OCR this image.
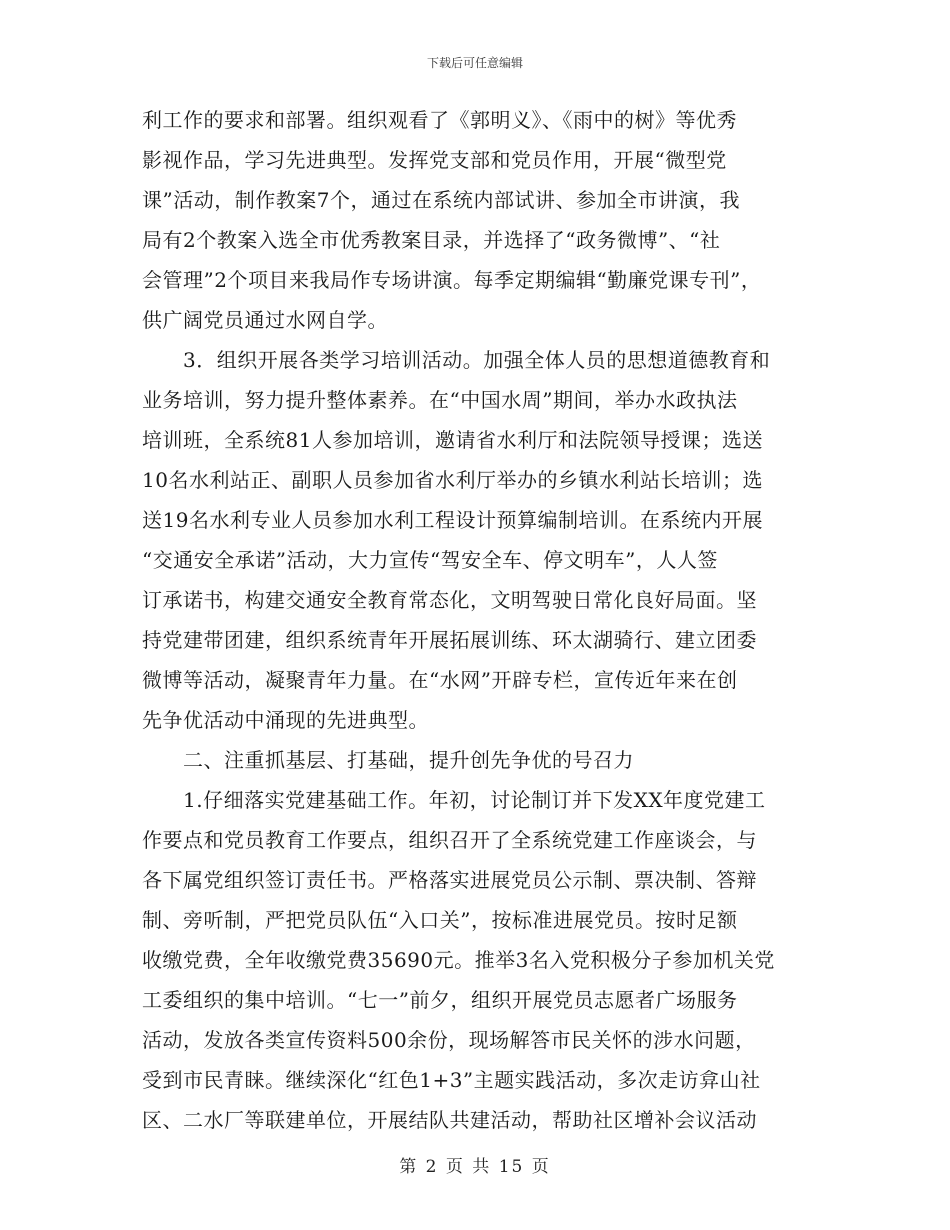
下载后可任意编辑
利工作的要求和部署。组织观看了《郭明义》、《雨中的树》等优秀
影视作品，学习先进典型。发挥党支部和党员作用，开展“微型党
课”活动，制作教案7个，通过在系统内部试讲、参加全市讲演，我
局有2个教案入选全市优秀教案目录，并选择了“政务微博”、“社
会管理”2个项目来我局作专场讲演。每季定期编辑“勤廉党课专刊”，
供广阔党员通过水网自学。
　　3．组织开展各类学习培训活动。加强全体人员的思想道德教育和
业务培训，努力提升整体素养。在“中国水周”期间，举办水政执法
培训班，全系统81人参加培训，邀请省水利厅和法院领导授课；选送
10名水利站正、副职人员参加省水利厅举办的乡镇水利站长培训；选
送19名水利专业人员参加水利工程设计预算编制培训。在系统内开展
“交通安全承诺”活动，大力宣传“驾安全车、停文明车”，人人签
订承诺书，构建交通安全教育常态化，文明驾驶日常化良好局面。坚
持党建带团建，组织系统青年开展拓展训练、环太湖骑行、建立团委
微博等活动，凝聚青年力量。在“水网”开辟专栏，宣传近年来在创
先争优活动中涌现的先进典型。
　　二、注重抓基层、打基础，提升创先争优的号召力
　　1.仔细落实党建基础工作。年初，讨论制订并下发XX年度党建工
作要点和党员教育工作要点，组织召开了全系统党建工作座谈会，与
各下属党组织签订责任书。严格落实进展党员公示制、票决制、答辩
制、旁听制，严把党员队伍“入口关”，按标准进展党员。按时足额
收缴党费，全年收缴党费35690元。推举3名入党积极分子参加机关党
工委组织的集中培训。“七一”前夕，组织开展党员志愿者广场服务
活动，发放各类宣传资料500余份，现场解答市民关怀的涉水问题，
受到市民青睐。继续深化“红色1+3”主题实践活动，多次走访弇山社
区、二水厂等联建单位，开展结队共建活动，帮助社区增补会议活动
第 2 页 共 15 页
